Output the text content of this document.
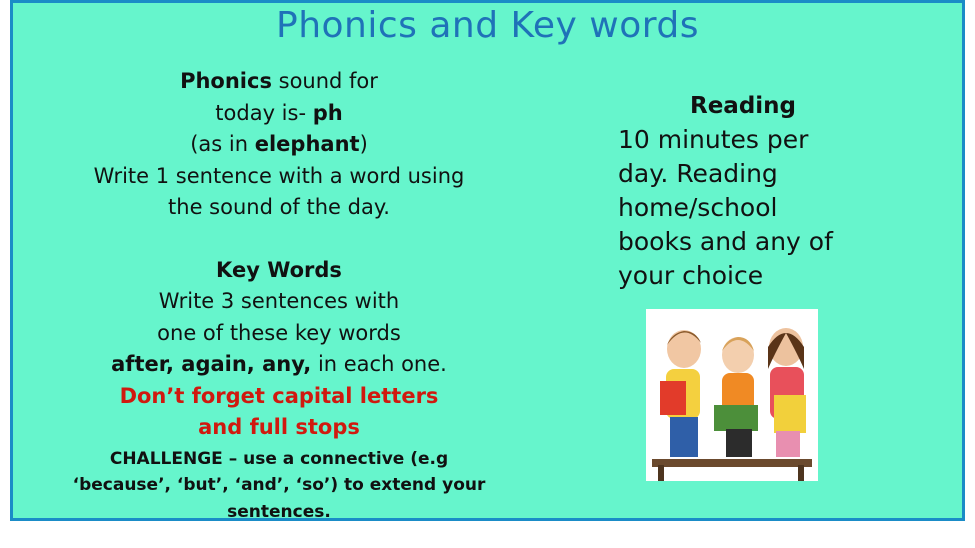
Phonics and Key words
Phonics sound for
today is- ph
(as in elephant)
Write 1 sentence with a word using
the sound of the day.
Key Words
Write 3 sentences with
one of these key words
after, again, any, in each one.
Don’t forget capital letters
and full stops
CHALLENGE – use a connective (e.g
‘because’, ‘but’, ‘and’, ‘so’) to extend your
sentences.
Reading
10 minutes per
day. Reading
home/school
books and any of
your choice
